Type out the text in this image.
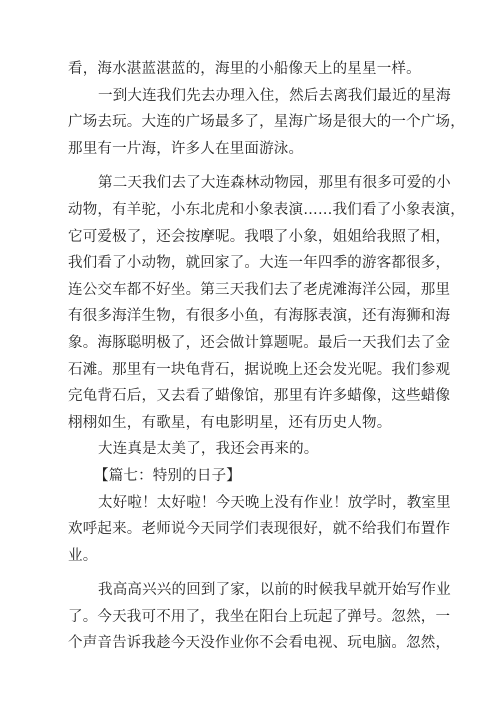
看，海水湛蓝湛蓝的，海里的小船像天上的星星一样。
一到大连我们先去办理入住，然后去离我们最近的星海
广场去玩。大连的广场最多了，星海广场是很大的一个广场，
那里有一片海，许多人在里面游泳。
第二天我们去了大连森林动物园，那里有很多可爱的小
动物，有羊驼，小东北虎和小象表演……我们看了小象表演，
它可爱极了，还会按摩呢。我喂了小象，姐姐给我照了相，
我们看了小动物，就回家了。大连一年四季的游客都很多，
连公交车都不好坐。第三天我们去了老虎滩海洋公园，那里
有很多海洋生物，有很多小鱼，有海豚表演，还有海狮和海
象。海豚聪明极了，还会做计算题呢。最后一天我们去了金
石滩。那里有一块龟背石，据说晚上还会发光呢。我们参观
完龟背石后，又去看了蜡像馆，那里有许多蜡像，这些蜡像
栩栩如生，有歌星，有电影明星，还有历史人物。
大连真是太美了，我还会再来的。
【篇七：特别的日子】
太好啦！太好啦！今天晚上没有作业！放学时，教室里
欢呼起来。老师说今天同学们表现很好，就不给我们布置作
业。
我高高兴兴的回到了家，以前的时候我早就开始写作业
了。今天我可不用了，我坐在阳台上玩起了弹号。忽然，一
个声音告诉我趁今天没作业你不会看电视、玩电脑。忽然，
